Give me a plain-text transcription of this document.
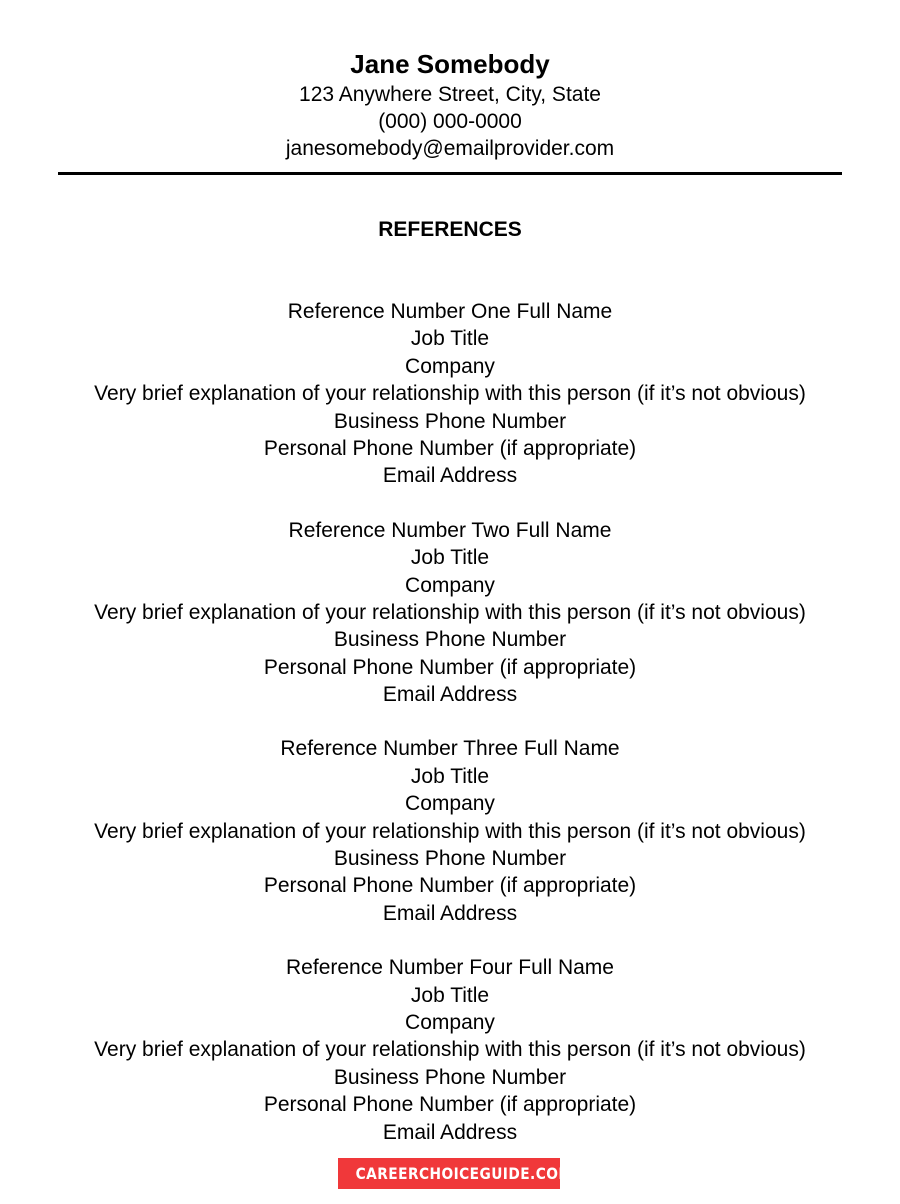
Jane Somebody
123 Anywhere Street, City, State
(000) 000-0000
janesomebody@emailprovider.com
REFERENCES
Reference Number One Full Name
Job Title
Company
Very brief explanation of your relationship with this person (if it’s not obvious)
Business Phone Number
Personal Phone Number (if appropriate)
Email Address
Reference Number Two Full Name
Job Title
Company
Very brief explanation of your relationship with this person (if it’s not obvious)
Business Phone Number
Personal Phone Number (if appropriate)
Email Address
Reference Number Three Full Name
Job Title
Company
Very brief explanation of your relationship with this person (if it’s not obvious)
Business Phone Number
Personal Phone Number (if appropriate)
Email Address
Reference Number Four Full Name
Job Title
Company
Very brief explanation of your relationship with this person (if it’s not obvious)
Business Phone Number
Personal Phone Number (if appropriate)
Email Address
CAREERCHOICEGUIDE.COM
